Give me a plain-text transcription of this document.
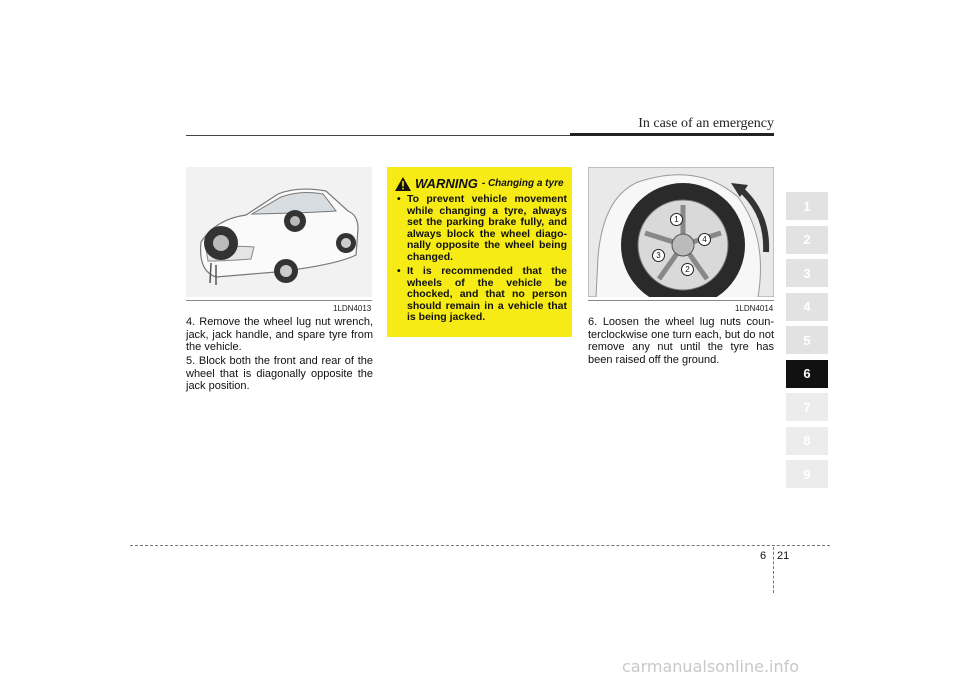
In case of an emergency
1LDN4013
1
2
3
4
1LDN4014
4. Remove the wheel lug nut wrench, jack, jack handle, and spare tyre from the vehicle.
5. Block both the front and rear of the wheel that is diagonally opposite the jack position.
6. Loosen the wheel lug nuts coun- terclockwise one turn each, but do not remove any nut until the tyre has been raised off the ground.
WARNING - Changing a tyre
• To prevent vehicle movement while changing a tyre, always set the parking brake fully, and always block the wheel diago- nally opposite the wheel being changed.
• It is recommended that the wheels of the vehicle be chocked, and that no person should remain in a vehicle that is being jacked.
1
2
3
4
5
6
7
8
9
6 21
carmanualsonline.info
